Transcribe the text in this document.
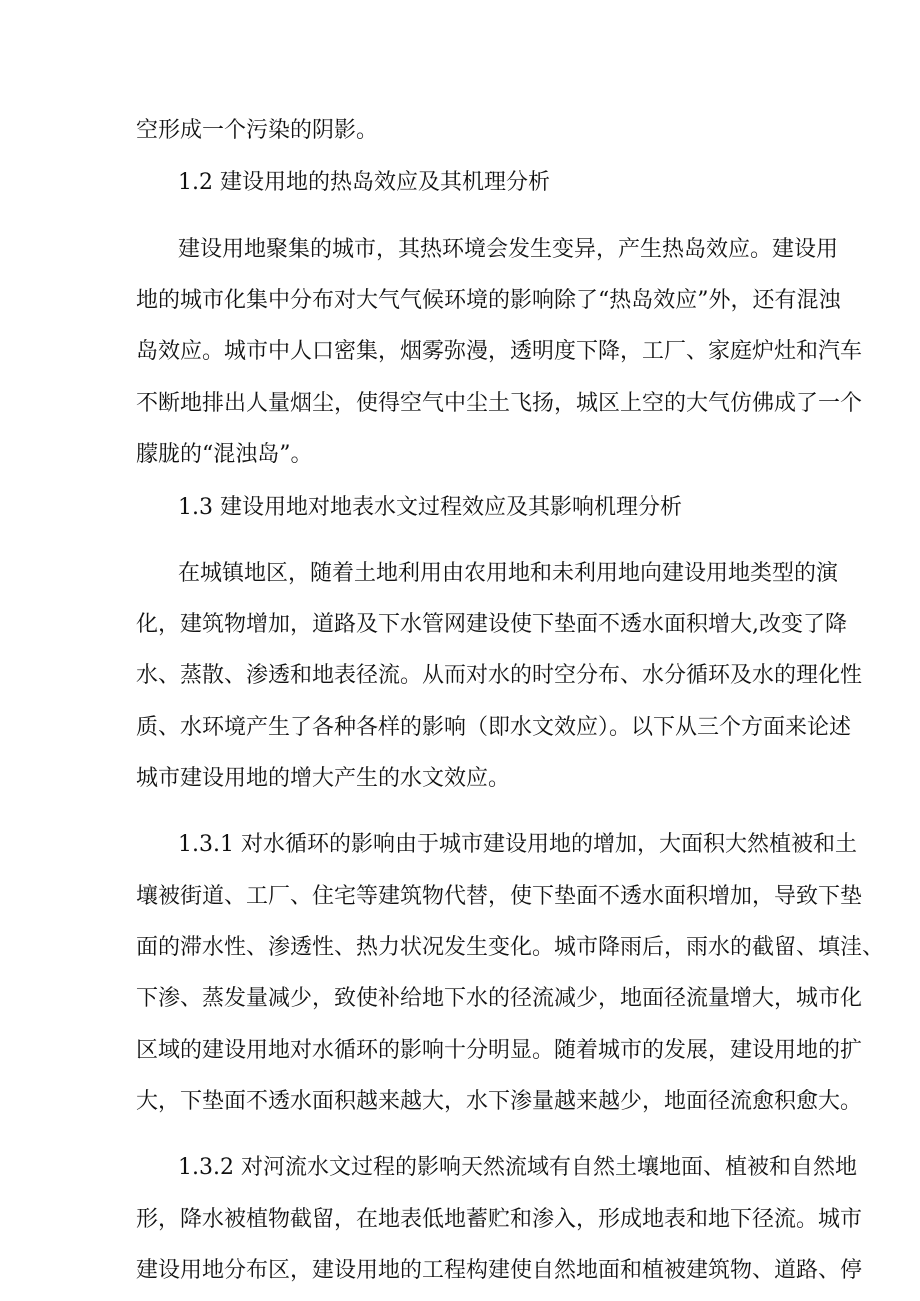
空形成一个污染的阴影。
1.2 建设用地的热岛效应及其机理分析
建设用地聚集的城市，其热环境会发生变异，产生热岛效应。建设用
地的城市化集中分布对大气气候环境的影响除了“热岛效应”外，还有混浊
岛效应。城市中人口密集，烟雾弥漫，透明度下降，工厂、家庭炉灶和汽车
不断地排出人量烟尘，使得空气中尘土飞扬，城区上空的大气仿佛成了一个
朦胧的“混浊岛”。
1.3 建设用地对地表水文过程效应及其影响机理分析
在城镇地区，随着土地利用由农用地和未利用地向建设用地类型的演
化，建筑物增加，道路及下水管网建设使下垫面不透水面积增大,改变了降
水、蒸散、渗透和地表径流。从而对水的时空分布、水分循环及水的理化性
质、水环境产生了各种各样的影响（即水文效应）。以下从三个方面来论述
城市建设用地的增大产生的水文效应。
1.3.1 对水循环的影响由于城市建设用地的增加，大面积大然植被和土
壤被街道、工厂、住宅等建筑物代替，使下垫面不透水面积增加，导致下垫
面的滞水性、渗透性、热力状况发生变化。城市降雨后，雨水的截留、填洼、
下渗、蒸发量减少，致使补给地下水的径流减少，地面径流量增大，城市化
区域的建设用地对水循环的影响十分明显。随着城市的发展，建设用地的扩
大，下垫面不透水面积越来越大，水下渗量越来越少，地面径流愈积愈大。
1.3.2 对河流水文过程的影响天然流域有自然土壤地面、植被和自然地
形，降水被植物截留，在地表低地蓄贮和渗入，形成地表和地下径流。城市
建设用地分布区，建设用地的工程构建使自然地面和植被建筑物、道路、停
